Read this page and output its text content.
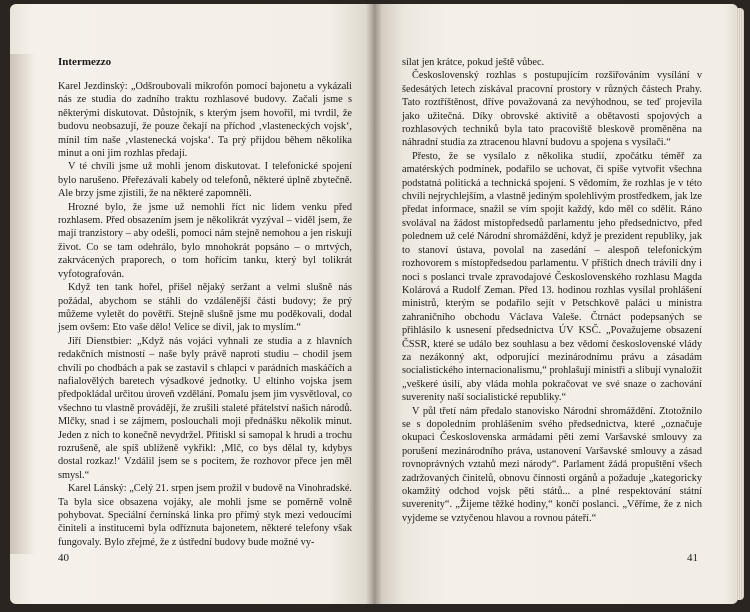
Intermezzo

Karel Jezdinský: „Odšroubovali mikrofón pomocí bajonetu a vykázali nás ze studia do zadního traktu rozhlasové budovy. Začali jsme s některými diskutovat. Důstojník, s kterým jsem hovořil, mi tvrdil, že budovu neobsazují, že pouze čekají na příchod ‚vlasteneckých vojsk‘, mínil tím naše ‚vlastenecká vojska‘. Ta prý přijdou během několika minut a oni jim rozhlas předají.

V té chvíli jsme už mohli jenom diskutovat. I telefonické spojení bylo narušeno. Přeřezávali kabely od telefonů, některé úplně zbytečně. Ale brzy jsme zjistili, že na některé zapomněli.

Hrozné bylo, že jsme už nemohli říct nic lidem venku před rozhlasem. Před obsazením jsem je několikrát vyzýval – viděl jsem, že mají tranzistory – aby odešli, pomoci nám stejně nemohou a jen riskují život. Co se tam odehrálo, bylo mnohokrát popsáno – o mrtvých, zakrvácených praporech, o tom hořícím tanku, který byl tolikrát vyfotografován.

Když ten tank hořel, přišel nějaký seržant a velmi slušně nás požádal, abychom se stáhli do vzdálenější části budovy; že prý můžeme vyletět do povětří. Stejně slušně jsme mu poděkovali, dodal jsem ovšem: Eto vaše dělo! Velice se divil, jak to myslím.“

Jiří Dienstbier: „Když nás vojáci vyhnali ze studia a z hlavních redakčních místností – naše byly právě naproti studiu – chodil jsem chvíli po chodbách a pak se zastavil s chlapci v parádních maskáčích a nafialovělých baretech výsadkové jednotky. U eltinho vojska jsem předpokládal určitou úroveň vzdělání. Pomalu jsem jim vysvětloval, co všechno tu vlastně provádějí, že zrušili staleté přátelství našich národů. Mlčky, snad i se zájmem, poslouchali moji přednášku několik minut. Jeden z nich to konečně nevydržel. Přitiskl si samopal k hrudi a trochu rozrušeně, ale spíš ublíženě vykřikl: ‚Mlč, co bys dělal ty, kdybys dostal rozkaz!‘ Vzdálil jsem se s pocitem, že rozhovor přece jen měl smysl.“

Karel Lánský: „Celý 21. srpen jsem prožil v budově na Vinohradské. Ta byla sice obsazena vojáky, ale mohli jsme se poměrně volně pohybovat. Speciální černínská linka pro přímý styk mezi vedoucími činiteli a institucemi byla odříznuta bajonetem, některé telefony však fungovaly. Bylo zřejmé, že z ústřední budovy bude možné vy-

40

sílat jen krátce, pokud ještě vůbec.

Československý rozhlas s postupujícím rozšiřováním vysílání v šedesátých letech získával pracovní prostory v různých částech Prahy. Tato roztříštěnost, dříve považovaná za nevýhodnou, se teď projevila jako užitečná. Díky obrovské aktivitě a obětavosti spojových a rozhlasových techniků byla tato pracoviště bleskově proměněna na náhradní studia za ztracenou hlavní budovu a spojena s vysílači.“

Přesto, že se vysílalo z několika studií, zpočátku téměř za amatérských podmínek, podařilo se uchovat, či spíše vytvořit všechna podstatná politická a technická spojení. S vědomím, že rozhlas je v této chvíli nejrychlejším, a vlastně jediným spolehlivým prostředkem, jak lze předat informace, snažil se vím spojit každý, kdo měl co sdělit. Ráno svolával na žádost místopředsedů parlamentu jeho předsednictvo, před polednem už celé Národní shromáždění, když je prezident republiky, jak to stanoví ústava, povolal na zasedání – alespoň telefonickým rozhovorem s místopředsedou parlamentu. V příštích dnech trávili dny i noci s poslanci trvale zpravodajové Československého rozhlasu Magda Kolárová a Rudolf Zeman. Před 13. hodinou rozhlas vysílal prohlášení ministrů, kterým se podařilo sejít v Petschkově paláci u ministra zahraničního obchodu Václava Valeše. Čtrnáct podepsaných se přihlásilo k usnesení předsednictva ÚV KSČ. „Považujeme obsazení ČSSR, které se událo bez souhlasu a bez vědomí československé vlády za nezákonný akt, odporující mezinárodnímu právu a zásadám socialistického internacionalismu,“ prohlašují ministři a slibují vynaložit „veškeré úsilí, aby vláda mohla pokračovat ve své snaze o zachování suverenity naší socialistické republiky.“

V půl třetí nám předalo stanovisko Národní shromáždění. Ztotožnilo se s dopoledním prohlášením svého předsednictva, které „označuje okupaci Československa armádami pěti zemí Varšavské smlouvy za porušení mezinárodního práva, ustanovení Varšavské smlouvy a zásad rovnoprávných vztahů mezi národy“. Parlament žádá propuštění všech zadržovaných činitelů, obnovu činnosti orgánů a požaduje „kategoricky okamžitý odchod vojsk pěti států... a plné respektování státní suverenity“. „Žijeme těžké hodiny,“ končí poslanci. „Věříme, že z nich vyjdeme se vztyčenou hlavou a rovnou páteří.“

41
